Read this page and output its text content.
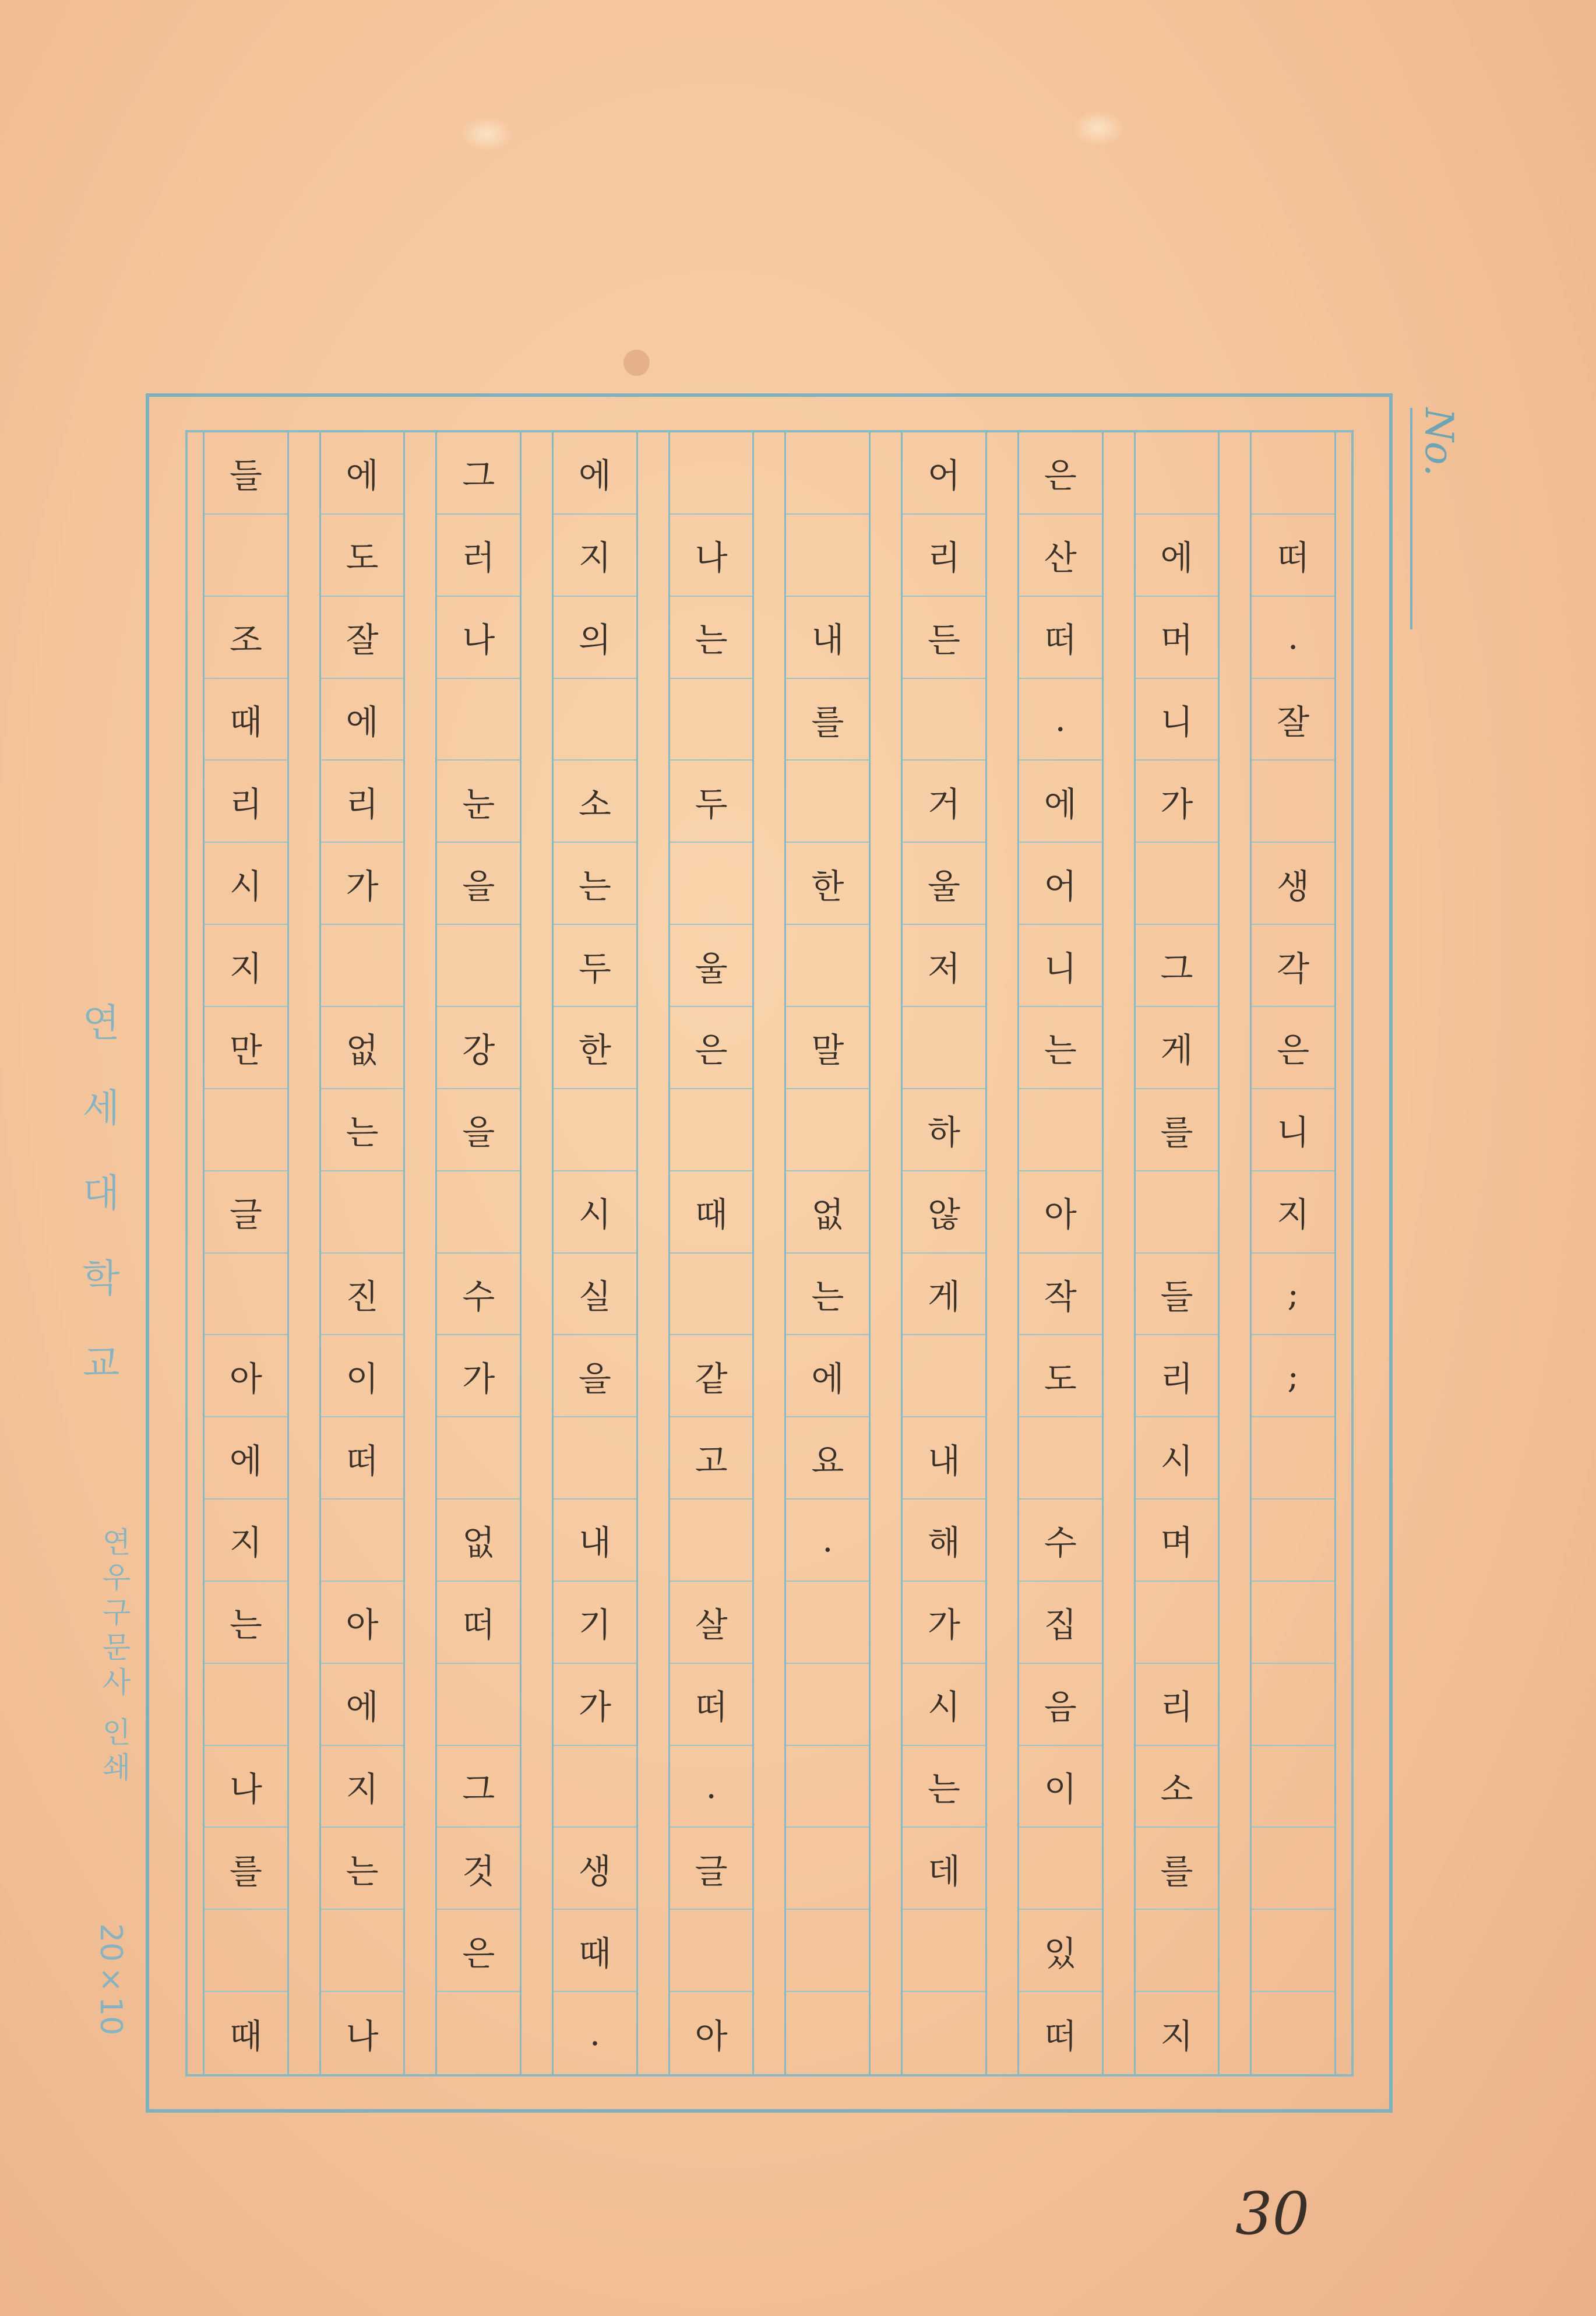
들
조
때
리
시
지
만
글
아
에
지
는
나
를
때
에
도
잘
에
리
가
없
는
진
이
떠
아
에
지
는
나
그
러
나
눈
을
강
을
수
가
없
떠
그
것
은
에
지
의
소
는
두
한
시
실
을
내
기
가
생
때
.
나
는
두
울
은
때
같
고
살
떠
.
글
아
내
를
한
말
없
는
에
요
.
어
리
든
거
울
저
하
않
게
내
해
가
시
는
데
은
산
떠
.
에
어
니
는
아
작
도
수
집
음
이
있
떠
에
머
니
가
그
게
를
들
리
시
며
리
소
를
지
떠
.
잘
생
각
은
니
지
;
;
No.
연세대학교
연우구문사 인쇄
20×10
30
